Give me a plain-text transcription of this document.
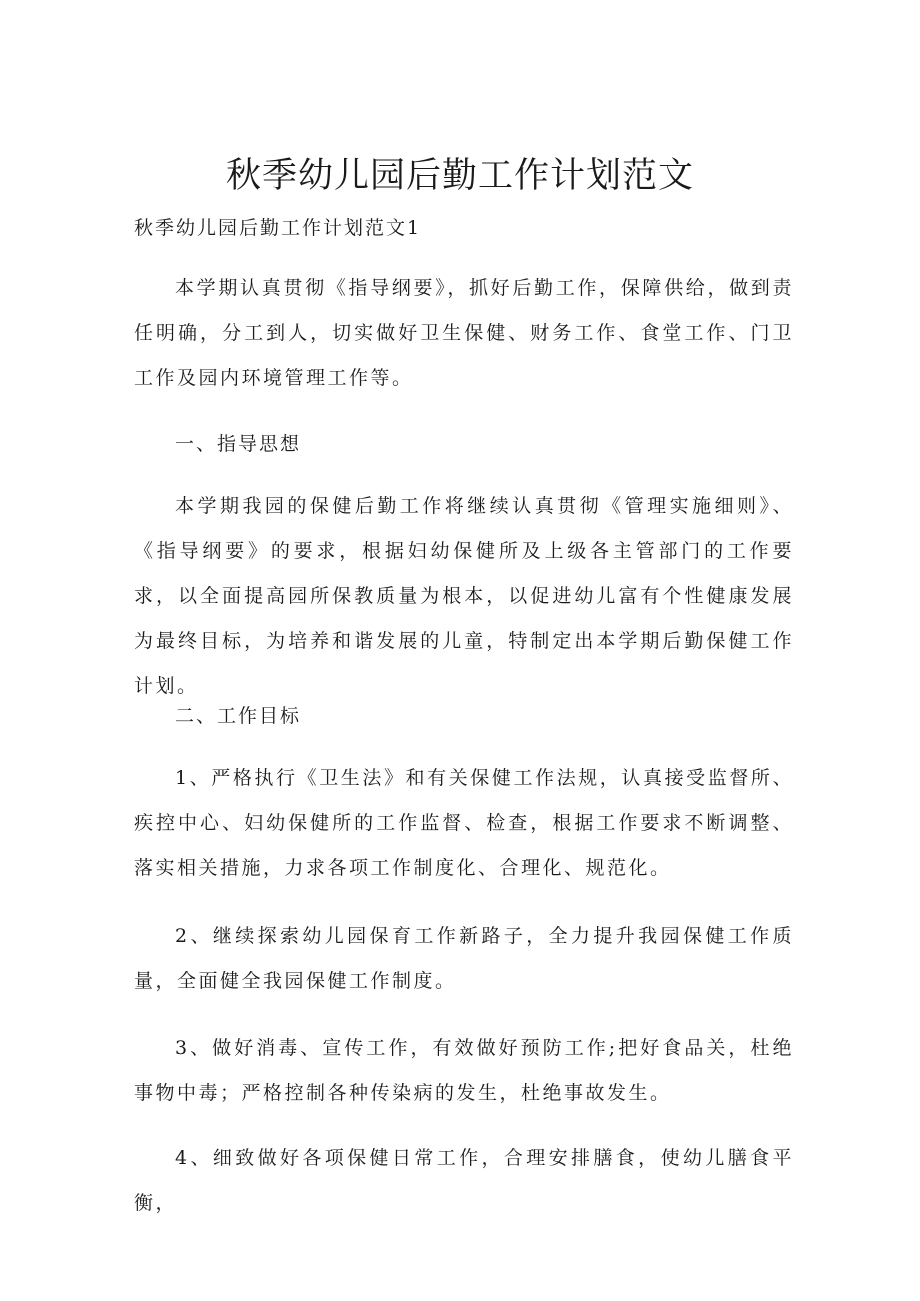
秋季幼儿园后勤工作计划范文

秋季幼儿园后勤工作计划范文1

本学期认真贯彻《指导纲要》，抓好后勤工作，保障供给，做到责任明确，分工到人，切实做好卫生保健、财务工作、食堂工作、门卫工作及园内环境管理工作等。

一、指导思想

本学期我园的保健后勤工作将继续认真贯彻《管理实施细则》、《指导纲要》的要求，根据妇幼保健所及上级各主管部门的工作要求，以全面提高园所保教质量为根本，以促进幼儿富有个性健康发展为最终目标，为培养和谐发展的儿童，特制定出本学期后勤保健工作计划。

二、工作目标

1、严格执行《卫生法》和有关保健工作法规，认真接受监督所、疾控中心、妇幼保健所的工作监督、检查，根据工作要求不断调整、落实相关措施，力求各项工作制度化、合理化、规范化。

2、继续探索幼儿园保育工作新路子，全力提升我园保健工作质量，全面健全我园保健工作制度。

3、做好消毒、宣传工作，有效做好预防工作;把好食品关，杜绝事物中毒；严格控制各种传染病的发生，杜绝事故发生。

4、细致做好各项保健日常工作，合理安排膳食，使幼儿膳食平衡，
